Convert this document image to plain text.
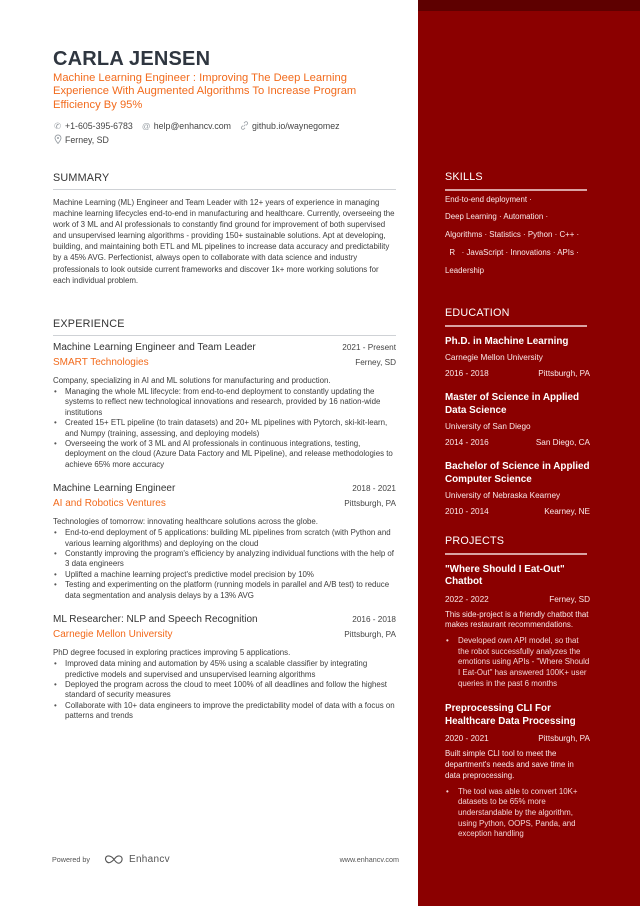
CARLA JENSEN
Machine Learning Engineer : Improving The Deep Learning Experience With Augmented Algorithms To Increase Program Efficiency By 95%
✆ +1-605-395-6783 @ help@enhancv.com github.io/waynegomez
Ferney, SD
SUMMARY

Machine Learning (ML) Engineer and Team Leader with 12+ years of experience in managing machine learning lifecycles end-to-end in manufacturing and healthcare. Currently, overseeing the work of 3 ML and AI professionals to constantly find ground for improvement of both supervised and unsupervised learning algorithms - providing 150+ sustainable solutions. Apt at developing, building, and maintaining both ETL and ML pipelines to increase data accuracy and predictability by a 45% AVG. Perfectionist, always open to collaborate with data science and industry professionals to look outside current frameworks and discover 1k+ more working solutions for each individual problem.

EXPERIENCE
Machine Learning Engineer and Team Leader	2021 - Present
SMART Technologies	Ferney, SD
Company, specializing in AI and ML solutions for manufacturing and production.
• Managing the whole ML lifecycle: from end-to-end deployment to constantly updating the systems to reflect new technological innovations and research, provided by 16 nation-wide institutions
• Created 15+ ETL pipeline (to train datasets) and 20+ ML pipelines with Pytorch, ski-kit-learn, and Numpy (training, assessing, and deploying models)
• Overseeing the work of 3 ML and AI professionals in continuous integrations, testing, deployment on the cloud (Azure Data Factory and ML Pipeline), and release methodologies to achieve 65% more accuracy
Machine Learning Engineer	2018 - 2021
AI and Robotics Ventures	Pittsburgh, PA
Technologies of tomorrow: innovating healthcare solutions across the globe.
• End-to-end deployment of 5 applications: building ML pipelines from scratch (with Python and various learning algorithms) and deploying on the cloud
• Constantly improving the program's efficiency by analyzing individual functions with the help of 3 data engineers
• Uplifted a machine learning project's predictive model precision by 10%
• Testing and experimenting on the platform (running models in parallel and A/B test) to reduce data segmentation and analysis delays by a 13% AVG
ML Researcher: NLP and Speech Recognition	2016 - 2018
Carnegie Mellon University	Pittsburgh, PA
PhD degree focused in exploring practices improving 5 applications.
• Improved data mining and automation by 45% using a scalable classifier by integrating predictive models and supervised and unsupervised learning algorithms
• Deployed the program across the cloud to meet 100% of all deadlines and follow the highest standard of security measures
• Collaborate with 10+ data engineers to improve the predictability model of data with a focus on patterns and trends
Powered by	Enhancv	www.enhancv.com
SKILLS
End-to-end deployment ·
Deep Learning · Automation ·
Algorithms · Statistics · Python · C++ ·
R   · JavaScript · Innovations · APIs ·
Leadership
EDUCATION
Ph.D. in Machine Learning
Carnegie Mellon University
2016 - 2018	Pittsburgh, PA
Master of Science in Applied Data Science
University of San Diego
2014 - 2016	San Diego, CA
Bachelor of Science in Applied Computer Science
University of Nebraska Kearney
2010 - 2014	Kearney, NE
PROJECTS
"Where Should I Eat-Out" Chatbot
2022 - 2022	Ferney, SD
This side-project is a friendly chatbot that makes restaurant recommendations.
• Developed own API model, so that the robot successfully analyzes the emotions using APIs - "Where Should I Eat-Out" has answered 100K+ user queries in the past 6 months
Preprocessing CLI For Healthcare Data Processing
2020 - 2021	Pittsburgh, PA
Built simple CLI tool to meet the department's needs and save time in data preprocessing.
• The tool was able to convert 10K+ datasets to be 65% more understandable by the algorithm, using Python, OOPS, Panda, and exception handling
